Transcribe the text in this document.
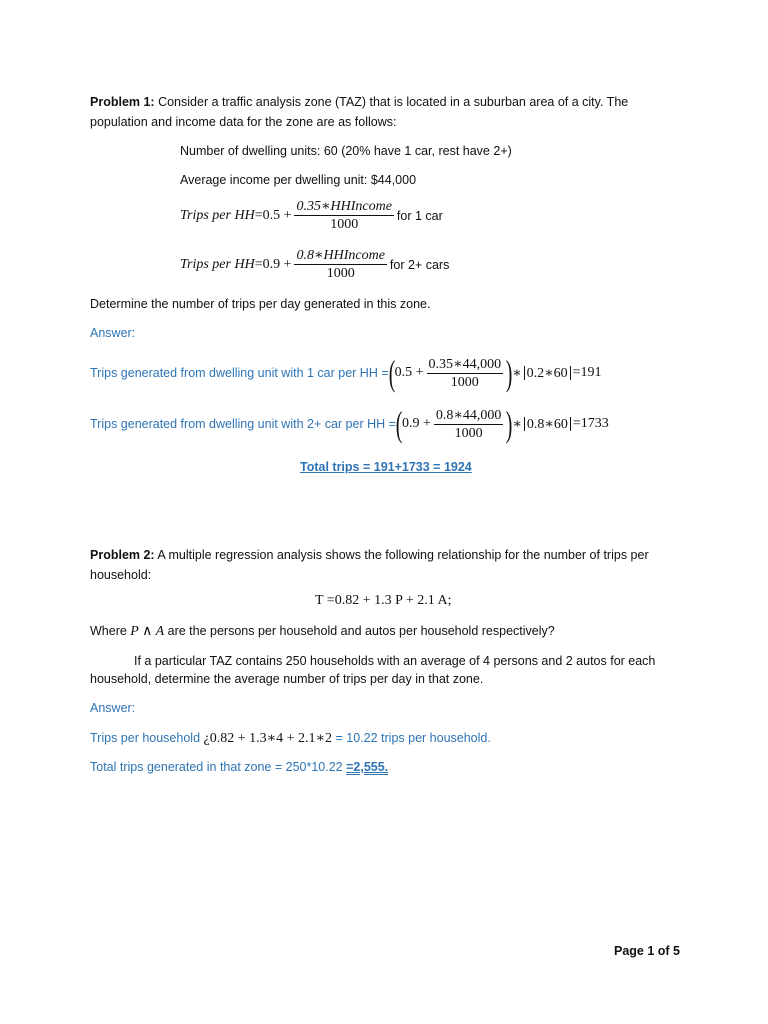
Problem 1: Consider a traffic analysis zone (TAZ) that is located in a suburban area of a city. The
population and income data for the zone are as follows:
Number of dwelling units: 60 (20% have 1 car, rest have 2+)
Average income per dwelling unit: $44,000
Trips per HH $=0.5 + \frac{\text{0.35∗HHIncome}}{1000}$ for 1 car
Trips per HH $=0.9 + \frac{\text{0.8∗HHIncome}}{1000}$ for 2+ cars
Determine the number of trips per day generated in this zone.
Answer:
Trips generated from dwelling unit with 1 car per HH = ( $0.5 + \frac{0.35∗44,000}{1000}$ ) ∗ 0.2∗60 =191
Trips generated from dwelling unit with 2+ car per HH = ( $0.9 + \frac{0.8∗44,000}{1000}$ ) ∗ 0.8∗60 =1733
Total trips = 191+1733 = 1924
Problem 2: A multiple regression analysis shows the following relationship for the number of trips per
household:
T =0.82 + 1.3 P + 2.1 A;
Where P ∧ A are the persons per household and autos per household respectively?
If a particular TAZ contains 250 households with an average of 4 persons and 2 autos for each
household, determine the average number of trips per day in that zone.
Answer:
Trips per household ¿0.82 + 1.3∗4 + 2.1∗2 = 10.22 trips per household.
Total trips generated in that zone = 250*10.22 =2,555.
Page 1 of 5
